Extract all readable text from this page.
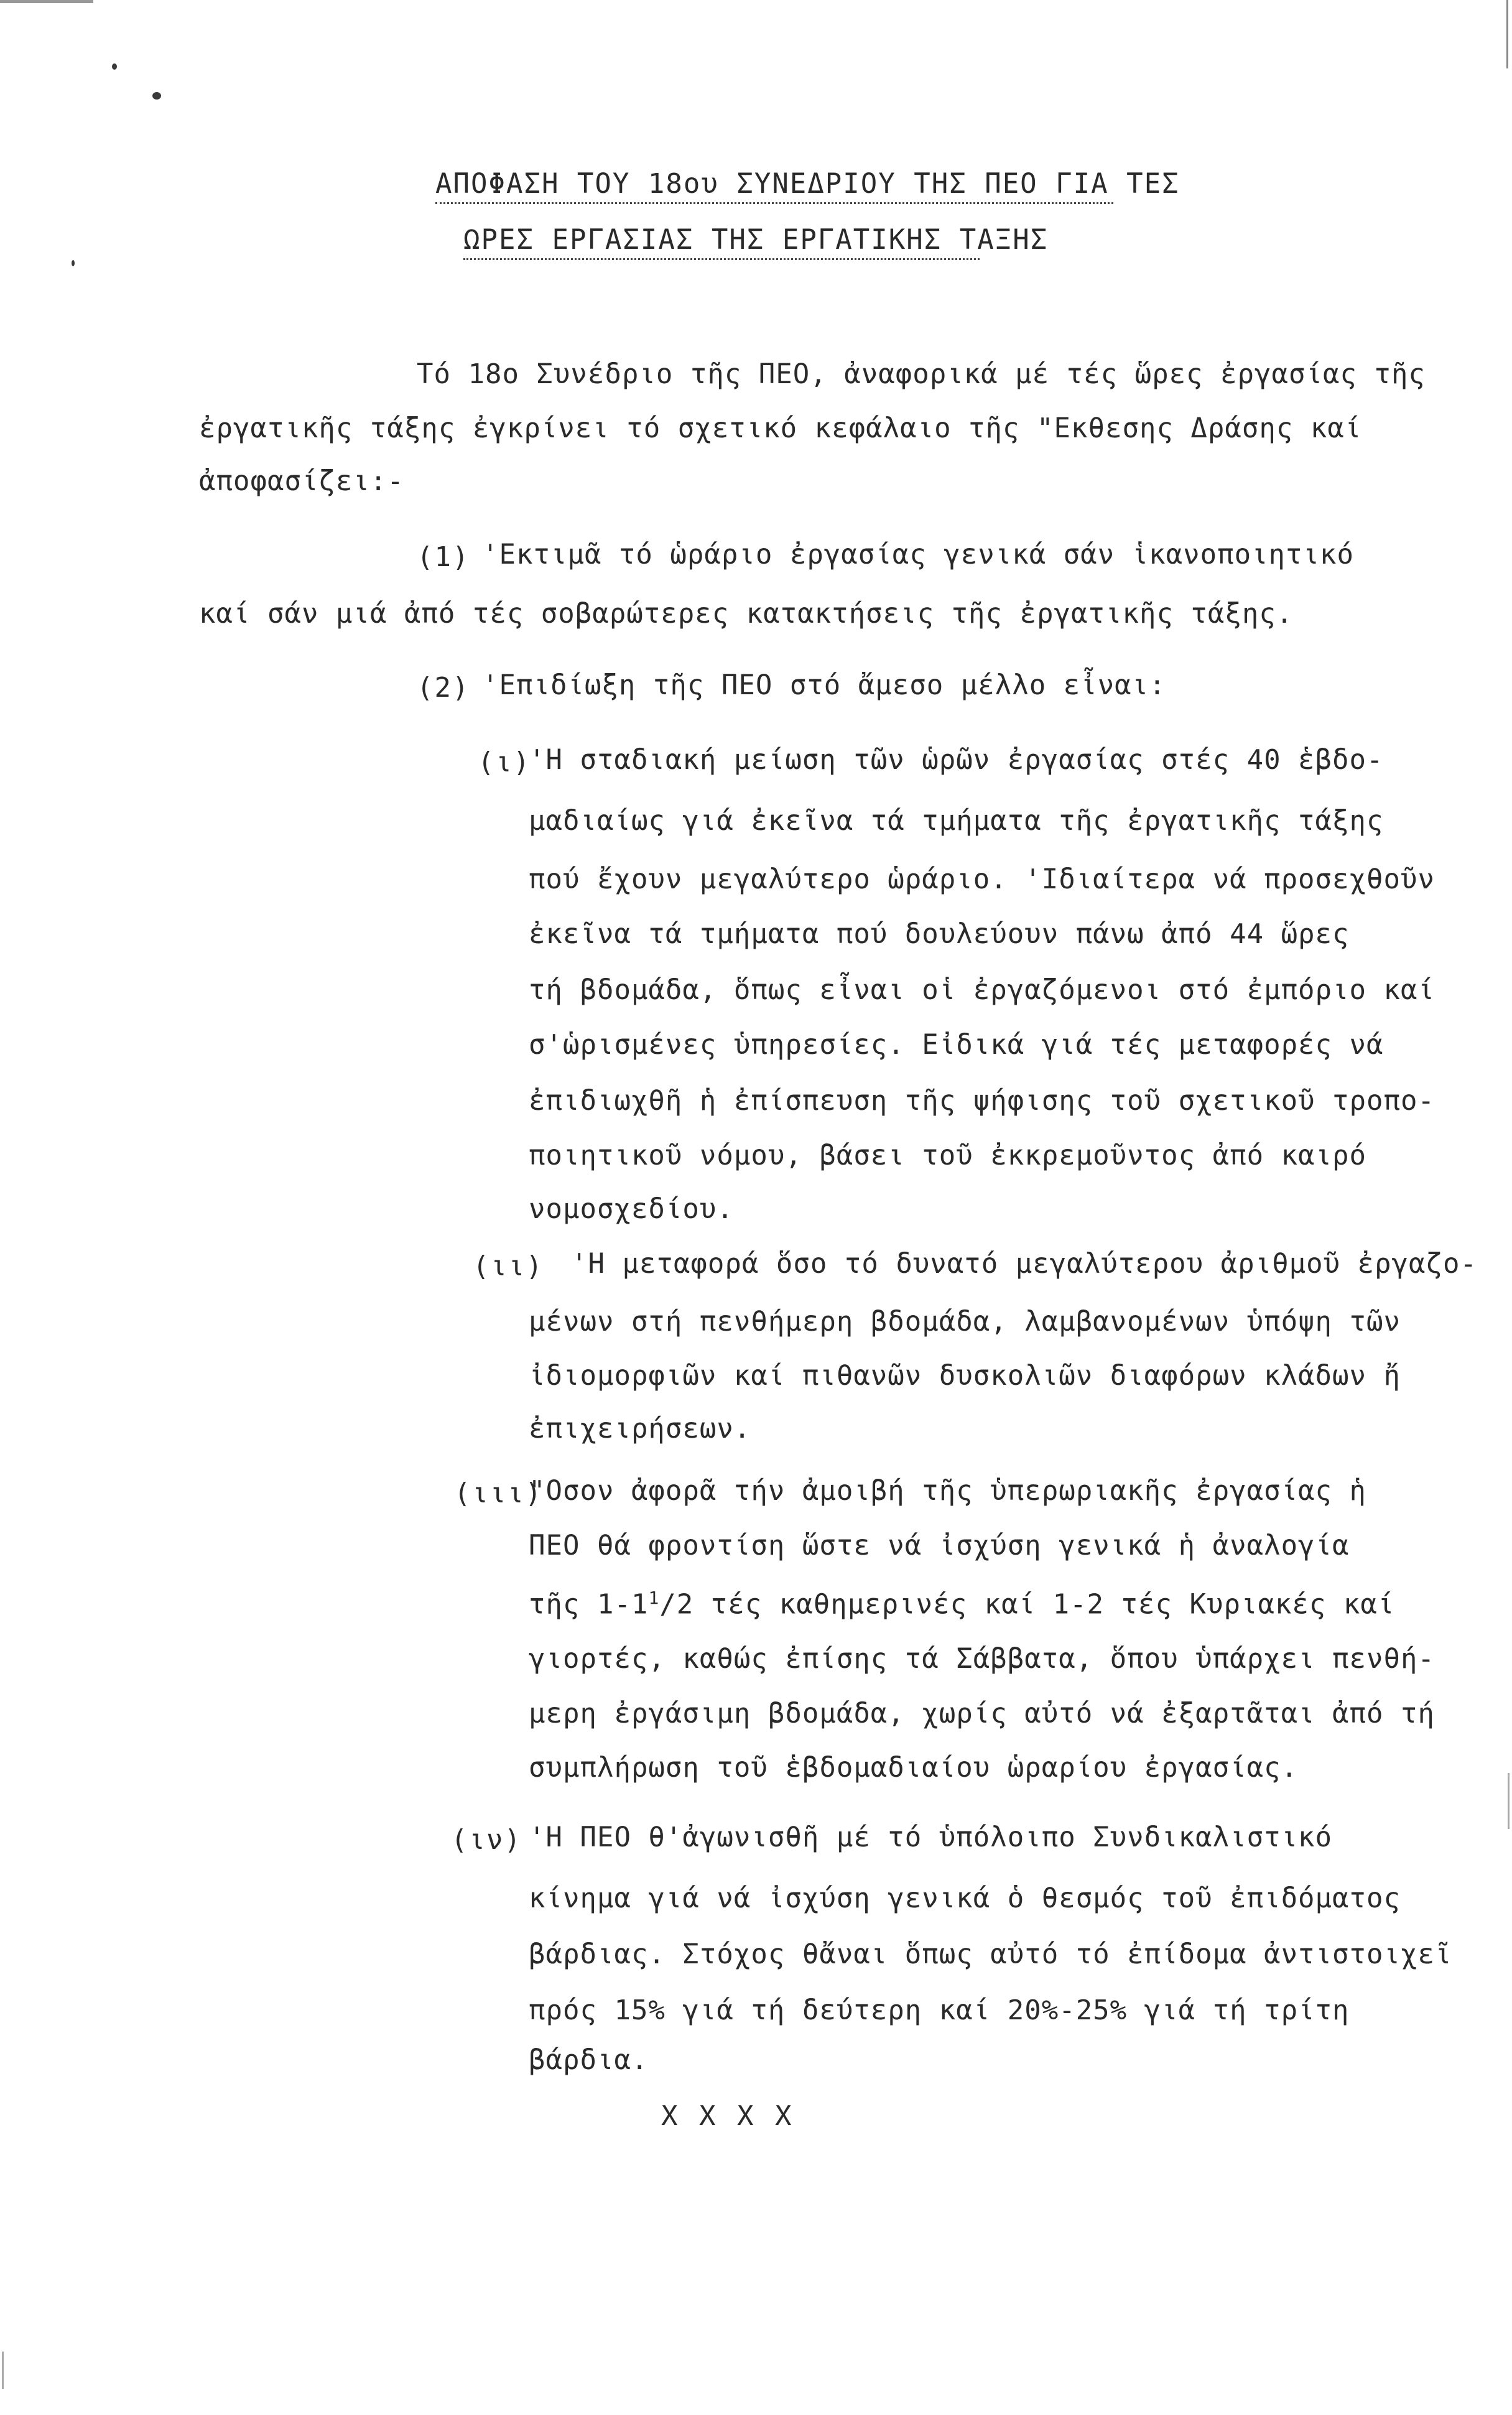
ΑΠΟΦΑΣΗ ΤΟΥ 18ου ΣΥΝΕΔΡΙΟΥ ΤΗΣ ΠΕΟ ΓΙΑ ΤΕΣ
ΩΡΕΣ ΕΡΓΑΣΙΑΣ ΤΗΣ ΕΡΓΑΤΙΚΗΣ ΤΑΞΗΣ
Τό 18ο Συνέδριο τῆς ΠΕΟ, ἀναφορικά μέ τές ὥρες ἐργασίας τῆς
ἐργατικῆς τάξης ἐγκρίνει τό σχετικό κεφάλαιο τῆς "Εκθεσης Δράσης καί
ἀποφασίζει:-
(1) 'Εκτιμᾶ τό ὡράριο ἐργασίας γενικά σάν ἱκανοποιητικό
καί σάν μιά ἀπό τές σοβαρώτερες κατακτήσεις τῆς ἐργατικῆς τάξης.
(2) 'Επιδίωξη τῆς ΠΕΟ στό ἄμεσο μέλλο εἶναι:
(ι)
'Η σταδιακή μείωση τῶν ὡρῶν ἐργασίας στές 40 ἑβδο-
μαδιαίως γιά ἐκεῖνα τά τμήματα τῆς ἐργατικῆς τάξης
πού ἔχουν μεγαλύτερο ὡράριο. 'Ιδιαίτερα νά προσεχθοῦν
ἐκεῖνα τά τμήματα πού δουλεύουν πάνω ἀπό 44 ὥρες
τή βδομάδα, ὅπως εἶναι οἱ ἐργαζόμενοι στό ἐμπόριο καί
σ'ὡρισμένες ὑπηρεσίες. Εἰδικά γιά τές μεταφορές νά
ἐπιδιωχθῆ ἡ ἐπίσπευση τῆς ψήφισης τοῦ σχετικοῦ τροπο-
ποιητικοῦ νόμου, βάσει τοῦ ἐκκρεμοῦντος ἀπό καιρό
νομοσχεδίου.
(ιι) 'Η μεταφορά ὅσο τό δυνατό μεγαλύτερου ἀριθμοῦ ἐργαζο-
μένων στή πενθήμερη βδομάδα, λαμβανομένων ὑπόψη τῶν
ἰδιομορφιῶν καί πιθανῶν δυσκολιῶν διαφόρων κλάδων ἤ
ἐπιχειρήσεων.
(ιιι)
"Οσον ἀφορᾶ τήν ἀμοιβή τῆς ὑπερωριακῆς ἐργασίας ἡ
ΠΕΟ θά φροντίση ὥστε νά ἰσχύση γενικά ἡ ἀναλογία
τῆς $1-1^1/2$ τές καθημερινές καί 1-2 τές Κυριακές καί
γιορτές, καθώς ἐπίσης τά Σάββατα, ὅπου ὑπάρχει πενθή-
μερη ἐργάσιμη βδομάδα, χωρίς αὐτό νά ἐξαρτᾶται ἀπό τή
συμπλήρωση τοῦ ἑβδομαδιαίου ὡραρίου ἐργασίας.
(ιν) 'Η ΠΕΟ θ'ἀγωνισθῆ μέ τό ὑπόλοιπο Συνδικαλιστικό
κίνημα γιά νά ἰσχύση γενικά ὁ θεσμός τοῦ ἐπιδόματος
βάρδιας. Στόχος θἄναι ὅπως αὐτό τό ἐπίδομα ἀντιστοιχεῖ
πρός 15% γιά τή δεύτερη καί 20%-25% γιά τή τρίτη
βάρδια.
X X X X
